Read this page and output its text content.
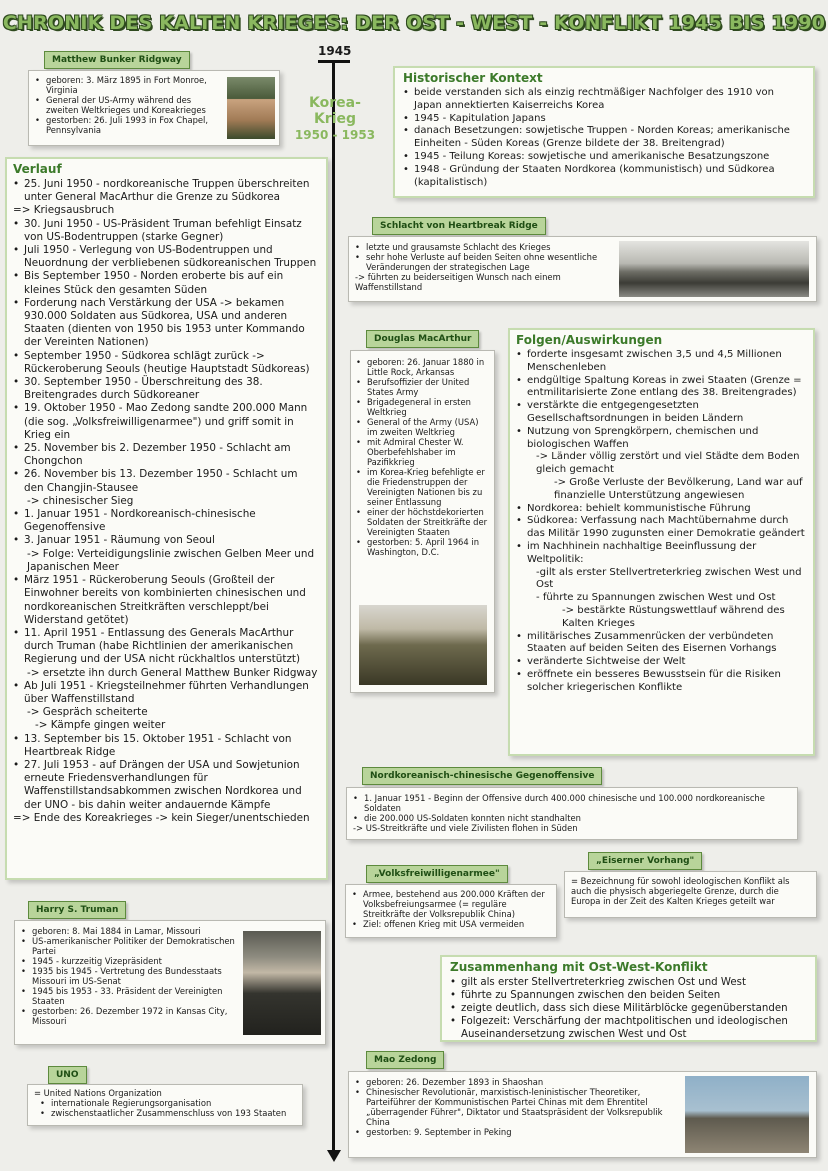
CHRONIK DES KALTEN KRIEGES: DER OST - WEST - KONFLIKT 1945 BIS 1990
1945
Korea-Krieg
1950 - 1953
Matthew Bunker Ridgway
• geboren: 3. März 1895 in Fort Monroe, Virginia
• General der US-Army während des zweiten Weltkrieges und Koreakrieges
• gestorben: 26. Juli 1993 in Fox Chapel, Pennsylvania
Historischer Kontext
• beide verstanden sich als einzig rechtmäßiger Nachfolger des 1910 von Japan annektierten Kaiserreichs Korea
• 1945 - Kapitulation Japans
• danach Besetzungen: sowjetische Truppen - Norden Koreas; amerikanische Einheiten - Süden Koreas (Grenze bildete der 38. Breitengrad)
• 1945 - Teilung Koreas: sowjetische und amerikanische Besatzungszone
• 1948 - Gründung der Staaten Nordkorea (kommunistisch) und Südkorea (kapitalistisch)
Verlauf
• 25. Juni 1950 - nordkoreanische Truppen überschreiten unter General MacArthur die Grenze zu Südkorea
=> Kriegsausbruch
• 30. Juni 1950 - US-Präsident Truman befehligt Einsatz von US-Bodentruppen (starke Gegner)
• Juli 1950 - Verlegung von US-Bodentruppen und Neuordnung der verbliebenen südkoreanischen Truppen
• Bis September 1950 - Norden eroberte bis auf ein kleines Stück den gesamten Süden
• Forderung nach Verstärkung der USA -> bekamen 930.000 Soldaten aus Südkorea, USA und anderen Staaten (dienten von 1950 bis 1953 unter Kommando der Vereinten Nationen)
• September 1950 - Südkorea schlägt zurück -> Rückeroberung Seouls (heutige Hauptstadt Südkoreas)
• 30. September 1950 - Überschreitung des 38. Breitengrades durch Südkoreaner
• 19. Oktober 1950 - Mao Zedong sandte 200.000 Mann (die sog. „Volksfreiwilligenarmee") und griff somit in Krieg ein
• 25. November bis 2. Dezember 1950 - Schlacht am Chongchon
• 26. November bis 13. Dezember 1950 - Schlacht um den Changjin-Stausee
-> chinesischer Sieg
• 1. Januar 1951 - Nordkoreanisch-chinesische Gegenoffensive
• 3. Januar 1951 - Räumung von Seoul
-> Folge: Verteidigungslinie zwischen Gelben Meer und Japanischen Meer
• März 1951 - Rückeroberung Seouls (Großteil der Einwohner bereits von kombinierten chinesischen und nordkoreanischen Streitkräften verschleppt/bei Widerstand getötet)
• 11. April 1951 - Entlassung des Generals MacArthur durch Truman (habe Richtlinien der amerikanischen Regierung und der USA nicht rückhaltlos unterstützt)
-> ersetzte ihn durch General Matthew Bunker Ridgway
• Ab Juli 1951 - Kriegsteilnehmer führten Verhandlungen über Waffenstillstand
-> Gespräch scheiterte
-> Kämpfe gingen weiter
• 13. September bis 15. Oktober 1951 - Schlacht von Heartbreak Ridge
• 27. Juli 1953 - auf Drängen der USA und Sowjetunion erneute Friedensverhandlungen für Waffenstillstandsabkommen zwischen Nordkorea und der UNO - bis dahin weiter andauernde Kämpfe
=> Ende des Koreakrieges -> kein Sieger/unentschieden
Schlacht von Heartbreak Ridge
• letzte und grausamste Schlacht des Krieges
• sehr hohe Verluste auf beiden Seiten ohne wesentliche Veränderungen der strategischen Lage
-> führten zu beiderseitigen Wunsch nach einem Waffenstillstand
Douglas MacArthur
• geboren: 26. Januar 1880 in Little Rock, Arkansas
• Berufsoffizier der United States Army
• Brigadegeneral in ersten Weltkrieg
• General of the Army (USA) im zweiten Weltkrieg
• mit Admiral Chester W. Oberbefehlshaber im Pazifikkrieg
• im Korea-Krieg befehligte er die Friedenstruppen der Vereinigten Nationen bis zu seiner Entlassung
• einer der höchstdekorierten Soldaten der Streitkräfte der Vereinigten Staaten
• gestorben: 5. April 1964 in Washington, D.C.
Folgen/Auswirkungen
• forderte insgesamt zwischen 3,5 und 4,5 Millionen Menschenleben
• endgültige Spaltung Koreas in zwei Staaten (Grenze = entmilitarisierte Zone entlang des 38. Breitengrades)
• verstärkte die entgegengesetzten Gesellschaftsordnungen in beiden Ländern
• Nutzung von Sprengkörpern, chemischen und biologischen Waffen
-> Länder völlig zerstört und viel Städte dem Boden gleich gemacht
-> Große Verluste der Bevölkerung, Land war auf finanzielle Unterstützung angewiesen
• Nordkorea: behielt kommunistische Führung
• Südkorea: Verfassung nach Machtübernahme durch das Militär 1990 zugunsten einer Demokratie geändert
• im Nachhinein nachhaltige Beeinflussung der Weltpolitik:
-gilt als erster Stellvertreterkrieg zwischen West und Ost
- führte zu Spannungen zwischen West und Ost
-> bestärkte Rüstungswettlauf während des Kalten Krieges
• militärisches Zusammenrücken der verbündeten Staaten auf beiden Seiten des Eisernen Vorhangs
• veränderte Sichtweise der Welt
• eröffnete ein besseres Bewusstsein für die Risiken solcher kriegerischen Konflikte
Nordkoreanisch-chinesische Gegenoffensive
• 1. Januar 1951 - Beginn der Offensive durch 400.000 chinesische und 100.000 nordkoreanische Soldaten
• die 200.000 US-Soldaten konnten nicht standhalten
-> US-Streitkräfte und viele Zivilisten flohen in Süden
„Volksfreiwilligenarmee"
• Armee, bestehend aus 200.000 Kräften der Volksbefreiungsarmee (= reguläre Streitkräfte der Volksrepublik China)
• Ziel: offenen Krieg mit USA vermeiden
„Eiserner Vorhang"
= Bezeichnung für sowohl ideologischen Konflikt als auch die physisch abgeriegelte Grenze, durch die Europa in der Zeit des Kalten Krieges geteilt war
Harry S. Truman
• geboren: 8. Mai 1884 in Lamar, Missouri
• US-amerikanischer Politiker der Demokratischen Partei
• 1945 - kurzzeitig Vizepräsident
• 1935 bis 1945 - Vertretung des Bundesstaats Missouri im US-Senat
• 1945 bis 1953 - 33. Präsident der Vereinigten Staaten
• gestorben: 26. Dezember 1972 in Kansas City, Missouri
Zusammenhang mit Ost-West-Konflikt
• gilt als erster Stellvertreterkrieg zwischen Ost und West
• führte zu Spannungen zwischen den beiden Seiten
• zeigte deutlich, dass sich diese Militärblöcke gegenüberstanden
• Folgezeit: Verschärfung der machtpolitischen und ideologischen Auseinandersetzung zwischen West und Ost
UNO
= United Nations Organization
• internationale Regierungsorganisation
• zwischenstaatlicher Zusammenschluss von 193 Staaten
Mao Zedong
• geboren: 26. Dezember 1893 in Shaoshan
• Chinesischer Revolutionär, marxistisch-leninistischer Theoretiker, Parteiführer der Kommunistischen Partei Chinas mit dem Ehrentitel „überragender Führer", Diktator und Staatspräsident der Volksrepublik China
• gestorben: 9. September in Peking
